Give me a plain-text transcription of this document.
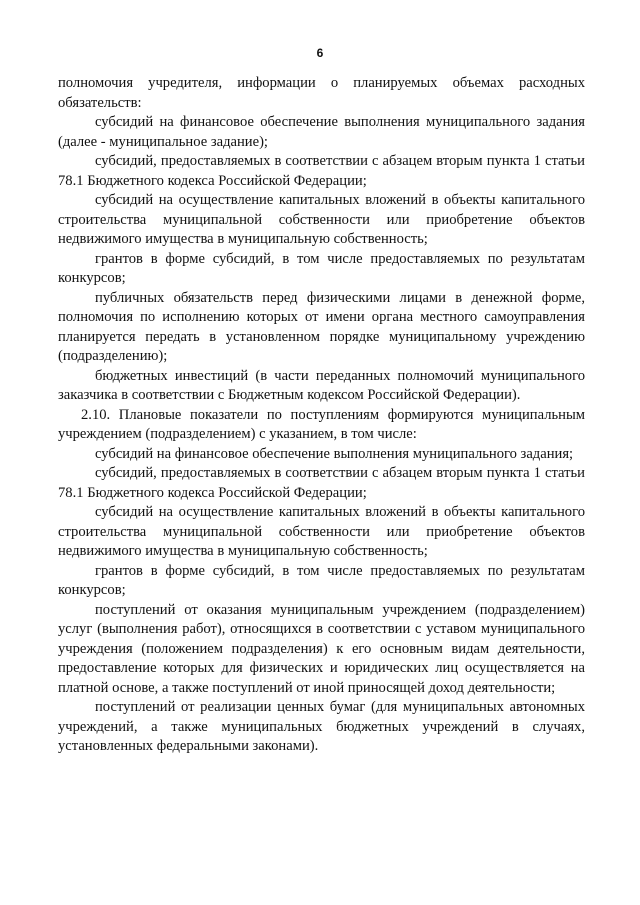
6

полномочия учредителя, информации о планируемых объемах расходных обязательств:

субсидий на финансовое обеспечение выполнения муниципального задания (далее - муниципальное задание);

субсидий, предоставляемых в соответствии с абзацем вторым пункта 1 статьи 78.1 Бюджетного кодекса Российской Федерации;

субсидий на осуществление капитальных вложений в объекты капитального строительства муниципальной собственности или приобретение объектов недвижимого имущества в муниципальную собственность;

грантов в форме субсидий, в том числе предоставляемых по результатам конкурсов;

публичных обязательств перед физическими лицами в денежной форме, полномочия по исполнению которых от имени органа местного самоуправления планируется передать в установленном порядке муниципальному учреждению (подразделению);

бюджетных инвестиций (в части переданных полномочий муниципального заказчика в соответствии с Бюджетным кодексом Российской Федерации).

2.10. Плановые показатели по поступлениям формируются муниципальным учреждением (подразделением) с указанием, в том числе:

субсидий на финансовое обеспечение выполнения муниципального задания;

субсидий, предоставляемых в соответствии с абзацем вторым пункта 1 статьи 78.1 Бюджетного кодекса Российской Федерации;

субсидий на осуществление капитальных вложений в объекты капитального строительства муниципальной собственности или приобретение объектов недвижимого имущества в муниципальную собственность;

грантов в форме субсидий, в том числе предоставляемых по результатам конкурсов;

поступлений от оказания муниципальным учреждением (подразделением) услуг (выполнения работ), относящихся в соответствии с уставом муниципального учреждения (положением подразделения) к его основным видам деятельности, предоставление которых для физических и юридических лиц осуществляется на платной основе, а также поступлений от иной приносящей доход деятельности;

поступлений от реализации ценных бумаг (для муниципальных автономных учреждений, а также муниципальных бюджетных учреждений в случаях, установленных федеральными законами).
